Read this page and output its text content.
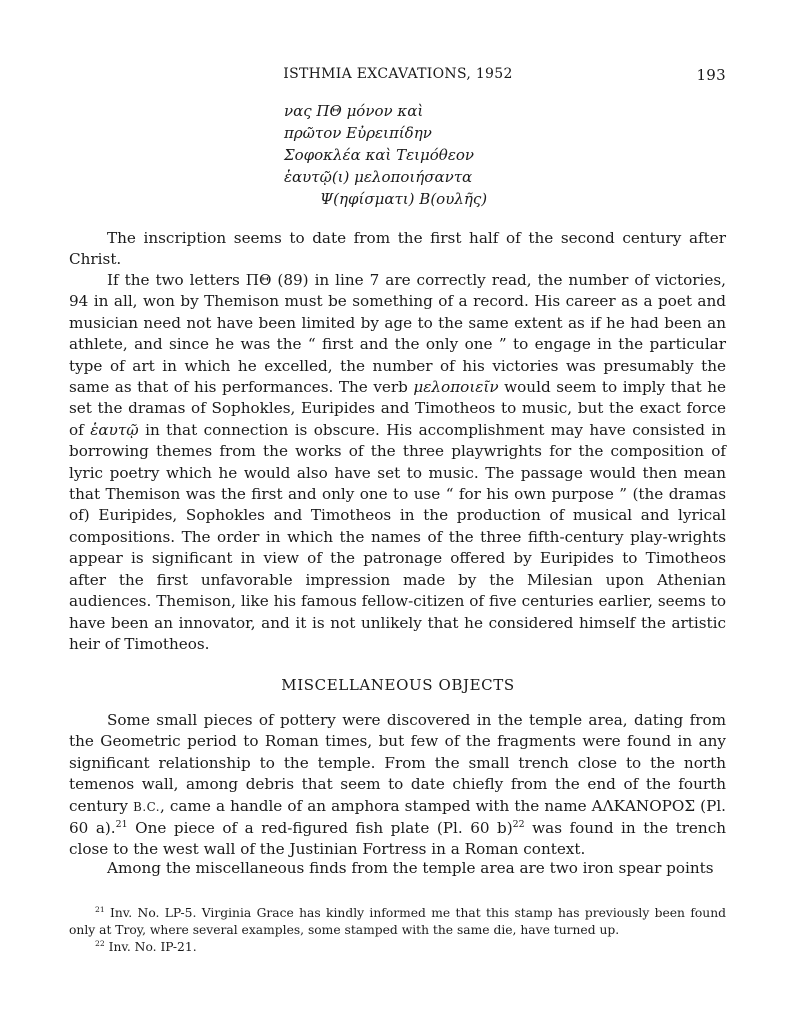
ISTHMIA EXCAVATIONS, 1952	193
νας ΠΘ μόνον καὶ
πρῶτον Εὐρειπίδην
Σοφοκλέα καὶ Τειμόθεον
ἑαυτῷ(ι) μελοποιήσαντα
Ψ(ηφίσματι) Β(ουλῆς)

The inscription seems to date from the first half of the second century after Christ.

If the two letters ΠΘ (89) in line 7 are correctly read, the number of victories, 94 in all, won by Themison must be something of a record. His career as a poet and musician need not have been limited by age to the same extent as if he had been an athlete, and since he was the “ first and the only one ” to engage in the particular type of art in which he excelled, the number of his victories was presumably the same as that of his performances. The verb μελοποιεῖν would seem to imply that he set the dramas of Sophokles, Euripides and Timotheos to music, but the exact force of ἑαυτῷ in that connection is obscure. His accomplishment may have consisted in borrowing themes from the works of the three playwrights for the composition of lyric poetry which he would also have set to music. The passage would then mean that Themison was the first and only one to use “ for his own purpose ” (the dramas of) Euripides, Sophokles and Timotheos in the production of musical and lyrical compositions. The order in which the names of the three fifth-century play-wrights appear is significant in view of the patronage offered by Euripides to Timotheos after the first unfavorable impression made by the Milesian upon Athenian audiences. Themison, like his famous fellow-citizen of five centuries earlier, seems to have been an innovator, and it is not unlikely that he considered himself the artistic heir of Timotheos.

MISCELLANEOUS OBJECTS

Some small pieces of pottery were discovered in the temple area, dating from the Geometric period to Roman times, but few of the fragments were found in any significant relationship to the temple. From the small trench close to the north temenos wall, among debris that seem to date chiefly from the end of the fourth century B.C., came a handle of an amphora stamped with the name ΑΛΚΑΝΟΡΟΣ (Pl. 60 a).$^{21}$ One piece of a red-figured fish plate (Pl. 60 b)$^{22}$ was found in the trench close to the west wall of the Justinian Fortress in a Roman context.

Among the miscellaneous finds from the temple area are two iron spear points

$^{21}$ Inv. No. LP-5. Virginia Grace has kindly informed me that this stamp has previously been found only at Troy, where several examples, some stamped with the same die, have turned up.

$^{22}$ Inv. No. IP-21.
